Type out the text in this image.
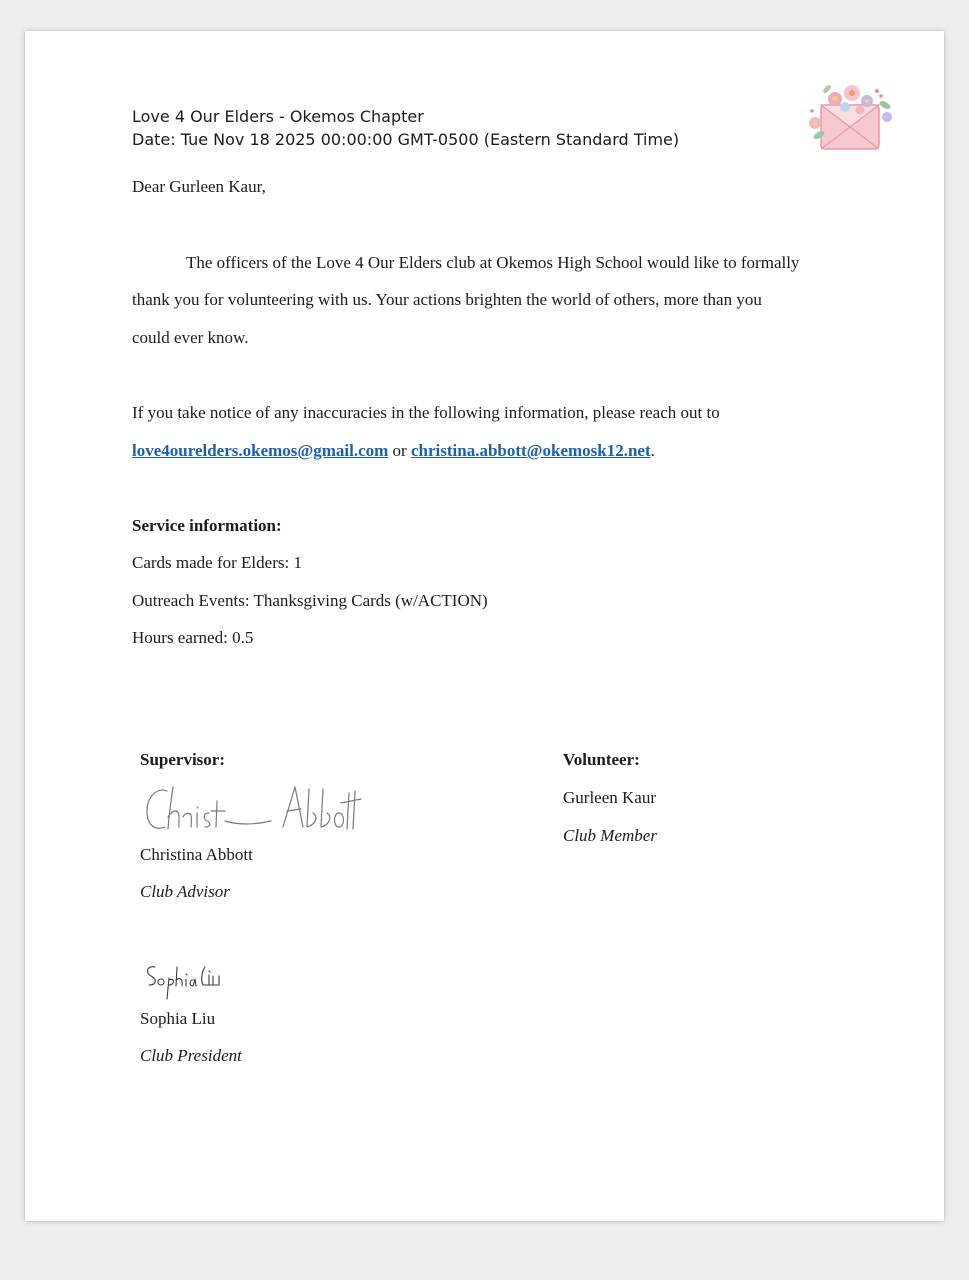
Love 4 Our Elders - Okemos Chapter
Date: Tue Nov 18 2025 00:00:00 GMT-0500 (Eastern Standard Time)
Dear Gurleen Kaur,
The officers of the Love 4 Our Elders club at Okemos High School would like to formally
thank you for volunteering with us. Your actions brighten the world of others, more than you
could ever know.
If you take notice of any inaccuracies in the following information, please reach out to
love4ourelders.okemos@gmail.com or christina.abbott@okemosk12.net.
Service information:
Cards made for Elders: 1
Outreach Events: Thanksgiving Cards (w/ACTION)
Hours earned: 0.5
Supervisor:
Christina Abbott
Club Advisor
Sophia Liu
Club President
Volunteer:
Gurleen Kaur
Club Member
